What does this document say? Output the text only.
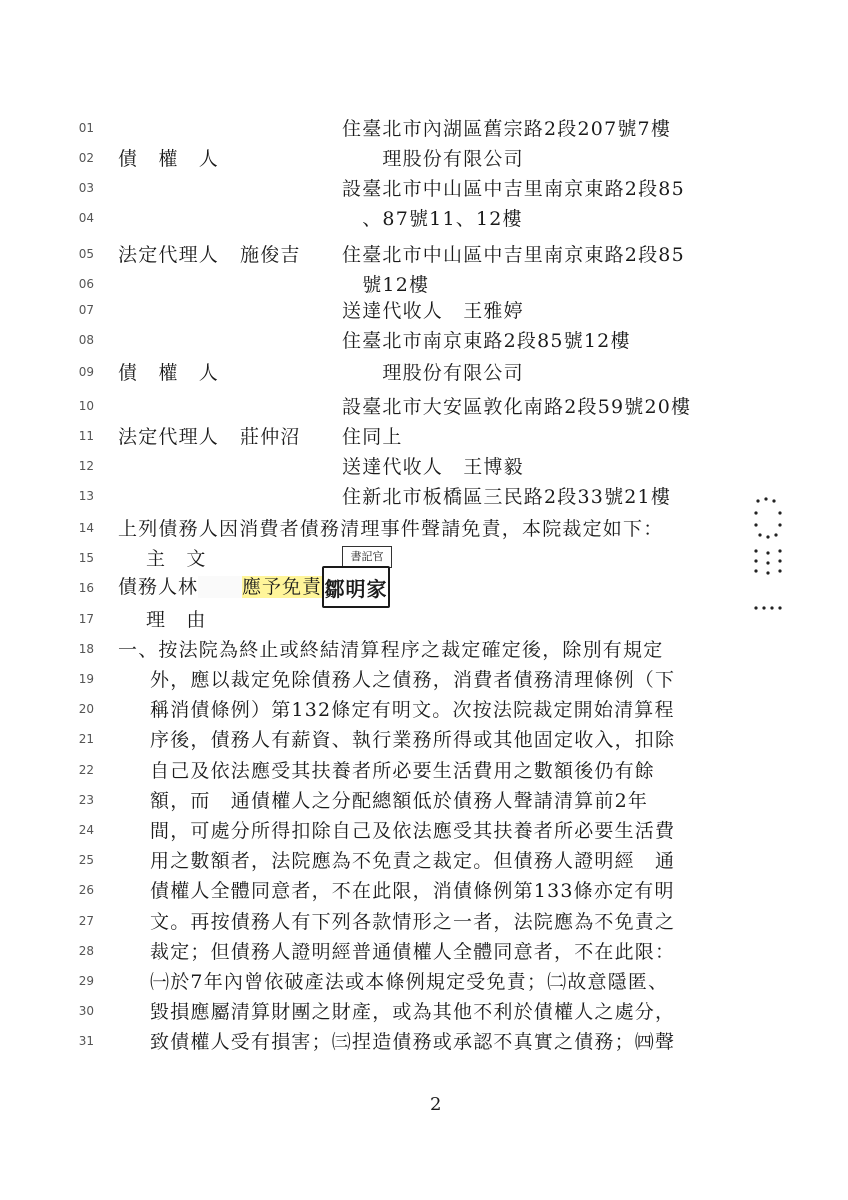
01	住臺北市內湖區舊宗路2段207號7樓
02 債　權　人	　　理股份有限公司
03	設臺北市中山區中吉里南京東路2段85
04	　、87號11、12樓
05 法定代理人 施俊吉 住臺北市中山區中吉里南京東路2段85
06	　號12樓
07	送達代收人　王雅婷
08	住臺北市南京東路2段85號12樓
09 債　權　人	　　理股份有限公司
10	設臺北市大安區敦化南路2段59號20樓
11 法定代理人 莊仲沼 住同上
12	送達代收人　王博毅
13	住新北市板橋區三民路2段33號21樓
14 上列債務人因消費者債務清理事件聲請免責，本院裁定如下：
15	主　文
16
17	理　由
18 一、按法院為終止或終結清算程序之裁定確定後，除別有規定
19	外，應以裁定免除債務人之債務，消費者債務清理條例（下
20	稱消債條例）第132條定有明文。次按法院裁定開始清算程
21	序後，債務人有薪資、執行業務所得或其他固定收入，扣除
22	自己及依法應受其扶養者所必要生活費用之數額後仍有餘
23	額，而　通債權人之分配總額低於債務人聲請清算前2年
24	間，可處分所得扣除自己及依法應受其扶養者所必要生活費
25	用之數額者，法院應為不免責之裁定。但債務人證明經　通
26	債權人全體同意者，不在此限，消債條例第133條亦定有明
27	文。再按債務人有下列各款情形之一者，法院應為不免責之
28	裁定；但債務人證明經普通債權人全體同意者，不在此限：
29	㈠於7年內曾依破產法或本條例規定受免責；㈡故意隱匿、
30	毀損應屬清算財團之財產，或為其他不利於債權人之處分，
31	致債權人受有損害；㈢捏造債務或承認不真實之債務；㈣聲
債務人林 應予免責
書記官
鄒明家
2
